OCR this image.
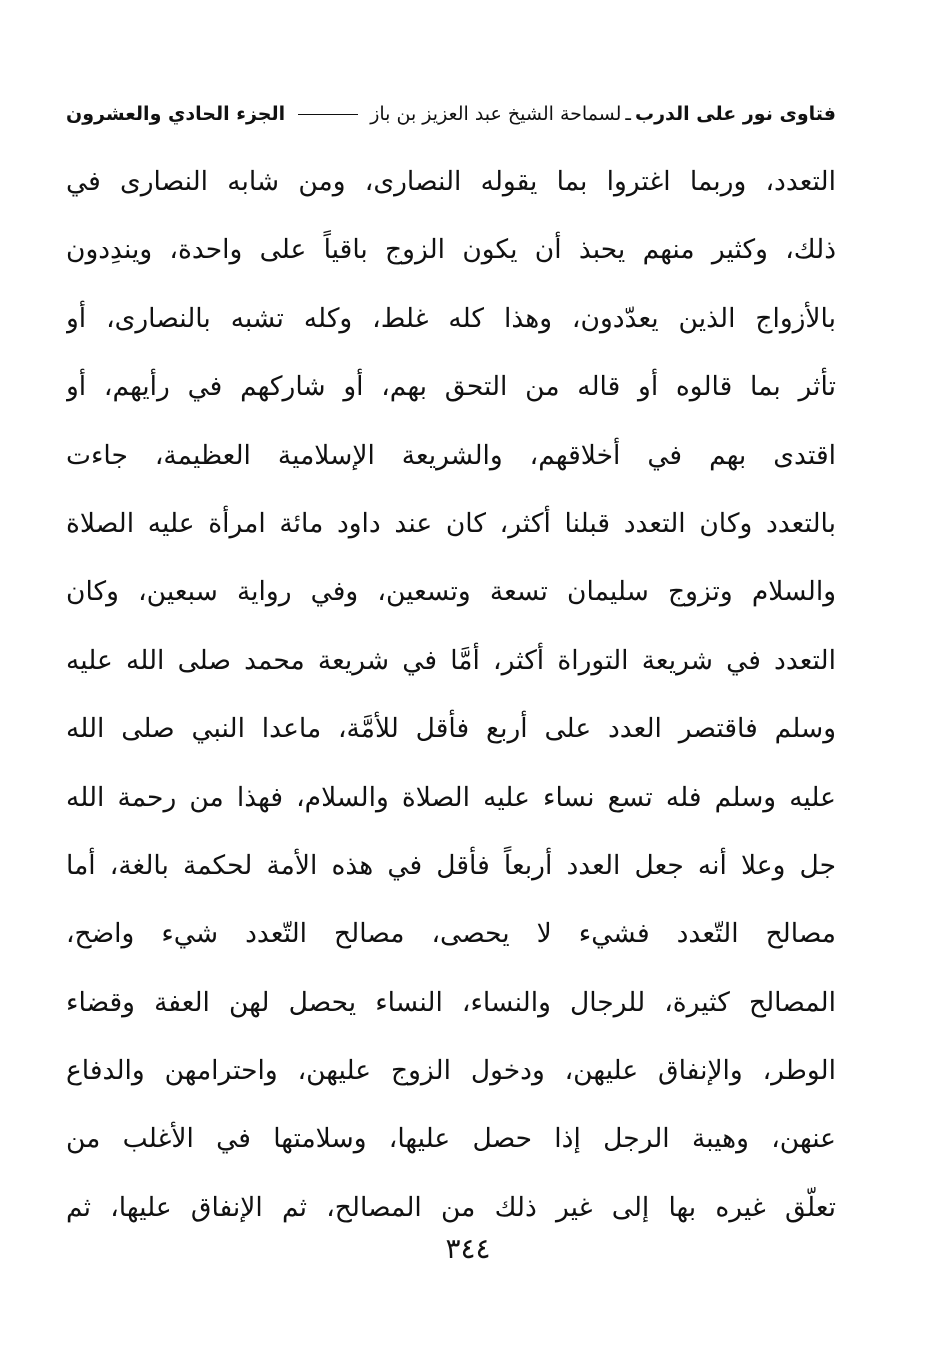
فتاوى نور على الدرب
ـ
لسماحة الشيخ عبد العزيز بن باز
الجزء الحادي والعشرون
التعدد، وربما اغتروا بما يقوله النصارى، ومن شابه النصارى في
ذلك، وكثير منهم يحبذ أن يكون الزوج باقياً على واحدة، ويندِدون
بالأزواج الذين يعدّدون، وهذا كله غلط، وكله تشبه بالنصارى، أو
تأثر بما قالوه أو قاله من التحق بهم، أو شاركهم في رأيهم، أو
اقتدى بهم في أخلاقهم، والشريعة الإسلامية العظيمة، جاءت
بالتعدد وكان التعدد قبلنا أكثر، كان عند داود مائة امرأة عليه الصلاة
والسلام وتزوج سليمان تسعة وتسعين، وفي رواية سبعين، وكان
التعدد في شريعة التوراة أكثر، أمَّا في شريعة محمد صلى الله عليه
وسلم فاقتصر العدد على أربع فأقل للأمَّة، ماعدا النبي صلى الله
عليه وسلم فله تسع نساء عليه الصلاة والسلام، فهذا من رحمة الله
جل وعلا أنه جعل العدد أربعاً فأقل في هذه الأمة لحكمة بالغة، أما
مصالح التّعدد فشيء لا يحصى، مصالح التّعدد شيء واضح،
المصالح كثيرة، للرجال والنساء، النساء يحصل لهن العفة وقضاء
الوطر، والإنفاق عليهن، ودخول الزوج عليهن، واحترامهن والدفاع
عنهن، وهيبة الرجل إذا حصل عليها، وسلامتها في الأغلب من
تعلّق غيره بها إلى غير ذلك من المصالح، ثم الإنفاق عليها، ثم
٣٤٤
